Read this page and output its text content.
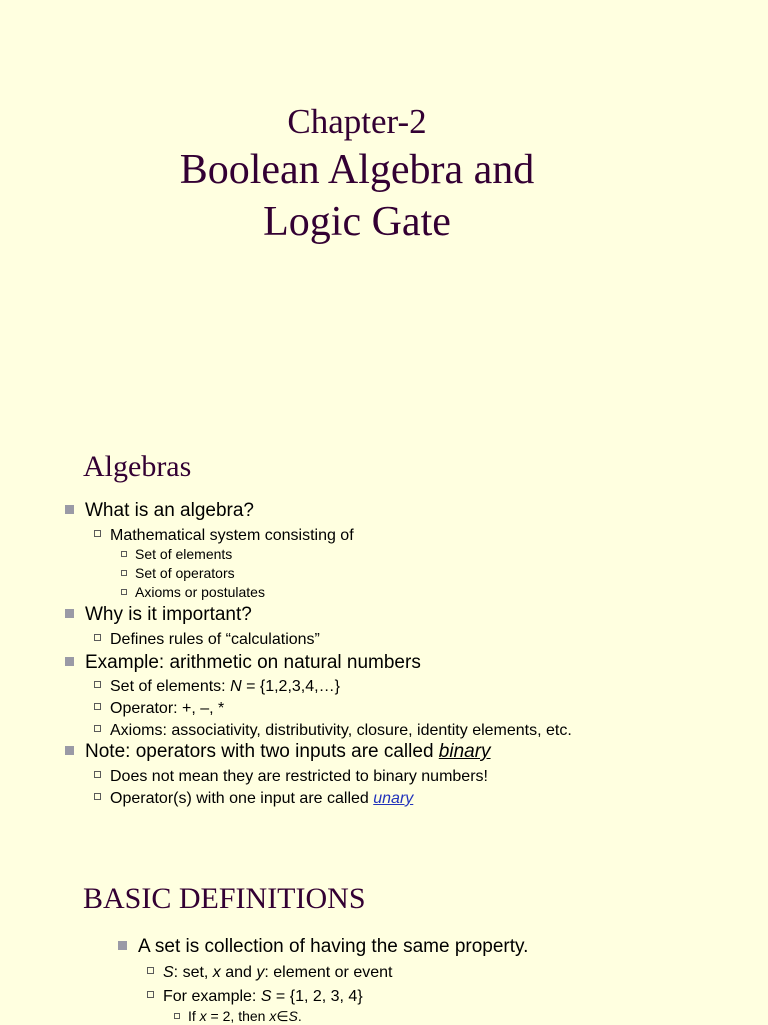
Chapter-2
Boolean Algebra and
Logic Gate
Algebras
What is an algebra?
Mathematical system consisting of
Set of elements
Set of operators
Axioms or postulates
Why is it important?
Defines rules of “calculations”
Example: arithmetic on natural numbers
Set of elements: N = {1,2,3,4,…}
Operator: +, –, *
Axioms: associativity, distributivity, closure, identity elements, etc.
Note: operators with two inputs are called binary
Does not mean they are restricted to binary numbers!
Operator(s) with one input are called unary
BASIC DEFINITIONS
A set is collection of having the same property.
S: set, x and y: element or event
For example: S = {1, 2, 3, 4}
If x = 2, then x∈S.
